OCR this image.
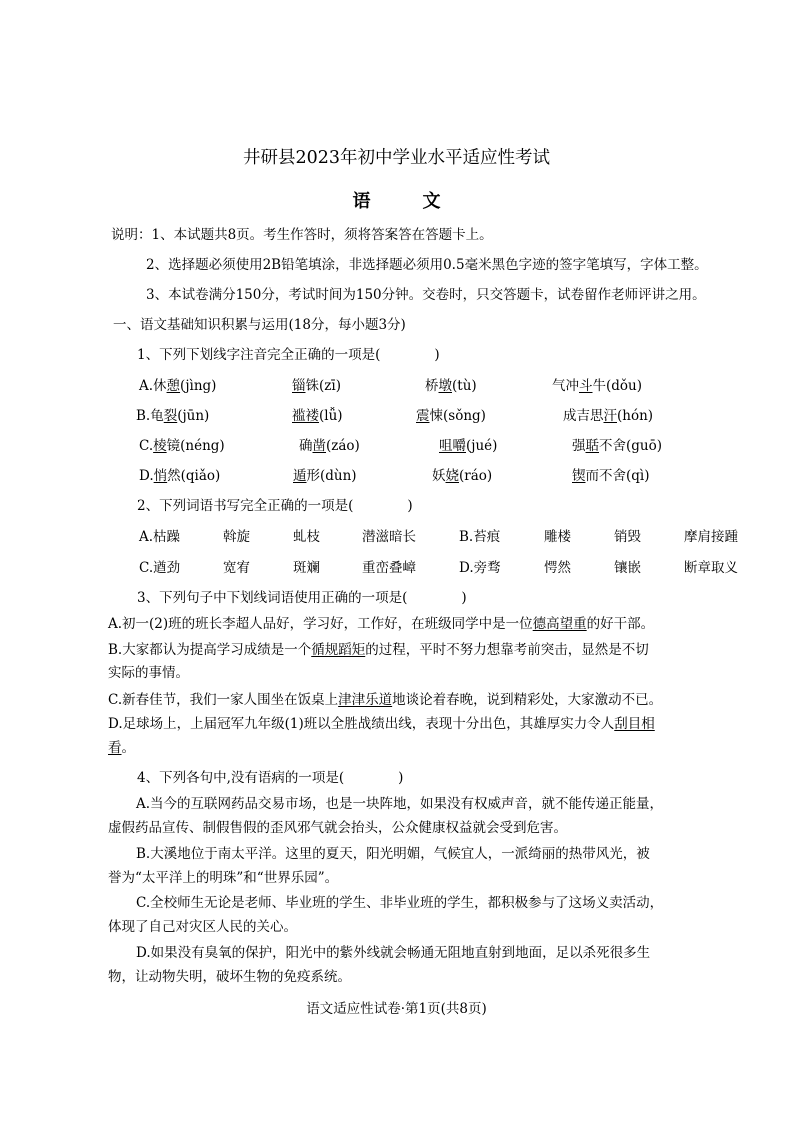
井研县2023年初中学业水平适应性考试
语	文
说明：1、本试题共8页。考生作答时，须将答案答在答题卡上。
2、选择题必须使用2B铅笔填涂，非选择题必须用0.5毫米黑色字迹的签字笔填写，字体工整。
3、本试卷满分150分，考试时间为150分钟。交卷时，只交答题卡，试卷留作老师评讲之用。
一、语文基础知识积累与运用(18分，每小题3分)
1、下列下划线字注音完全正确的一项是(　　　　)
A.休憩(jìng)	锱铢(zī)	桥墩(tù)	气冲斗牛(dǒu)
B.龟裂(jūn)	褴褛(lǚ)	震悚(sǒng)	成吉思汗(hón)
C.棱镜(néng)	确凿(záo)	咀嚼(jué)	强聒不舍(guō)
D.悄然(qiǎo)	遁形(dùn)	妖娆(ráo)	锲而不舍(qì)
2、下列词语书写完全正确的一项是(　　　　)
A.枯躁	斡旋	虬枝	潜滋暗长	B.苔痕	雕楼	销毁	摩肩接踵
C.遒劲	宽宥	斑斓	重峦叠嶂	D.旁骛	愕然	镶嵌	断章取义
3、下列句子中下划线词语使用正确的一项是(　　　　)
A.初一(2)班的班长李超人品好，学习好，工作好，在班级同学中是一位德高望重的好干部。
B.大家都认为提高学习成绩是一个循规蹈矩的过程，平时不努力想靠考前突击，显然是不切
实际的事情。
C.新春佳节，我们一家人围坐在饭桌上津津乐道地谈论着春晚，说到精彩处，大家激动不已。
D.足球场上，上届冠军九年级(1)班以全胜战绩出线，表现十分出色，其雄厚实力令人刮目相
看。
4、下列各句中,没有语病的一项是(　　　　)
A.当今的互联网药品交易市场，也是一块阵地，如果没有权威声音，就不能传递正能量，
虚假药品宣传、制假售假的歪风邪气就会抬头，公众健康权益就会受到危害。
B.大溪地位于南太平洋。这里的夏天，阳光明媚，气候宜人，一派绮丽的热带风光，被
誉为“太平洋上的明珠”和“世界乐园”。
C.全校师生无论是老师、毕业班的学生、非毕业班的学生，都积极参与了这场义卖活动，
体现了自己对灾区人民的关心。
D.如果没有臭氧的保护，阳光中的紫外线就会畅通无阻地直射到地面，足以杀死很多生
物，让动物失明，破坏生物的免疫系统。
语文适应性试卷·第1页(共8页)
